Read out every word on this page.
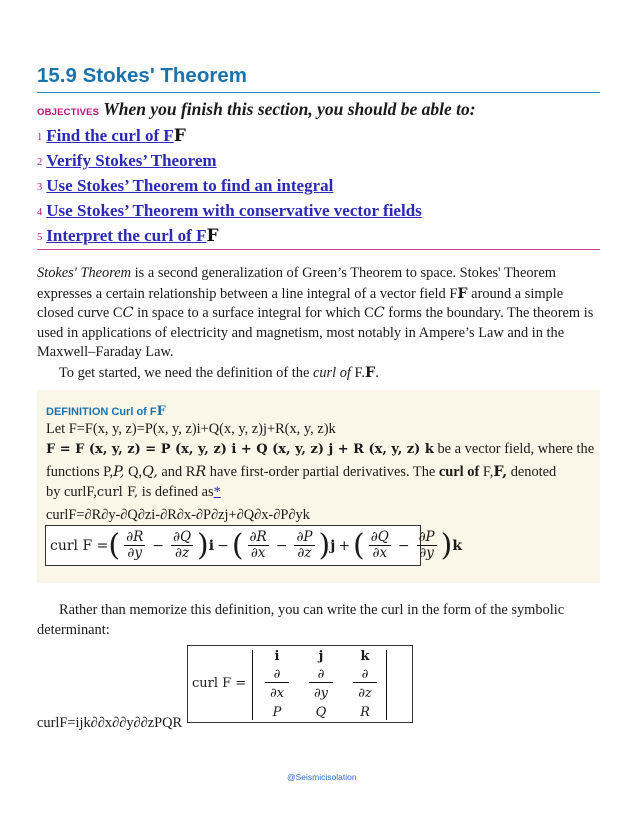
15.9 Stokes' Theorem
OBJECTIVES When you finish this section, you should be able to:
1 Find the curl of FF
2 Verify Stokes’ Theorem
3 Use Stokes’ Theorem to find an integral
4 Use Stokes’ Theorem with conservative vector fields
5 Interpret the curl of FF

Stokes' Theorem is a second generalization of Green’s Theorem to space. Stokes' Theorem expresses a certain relationship between a line integral of a vector field FF around a simple closed curve CC in space to a surface integral for which CC forms the boundary. The theorem is used in applications of electricity and magnetism, most notably in Ampere’s Law and in the Maxwell–Faraday Law.

To get started, we need the definition of the curl of F.F.

DEFINITION Curl of FF
Let F=F(x, y, z)=P(x, y, z)i+Q(x, y, z)j+R(x, y, z)k
F = F (x, y, z) = P (x, y, z) i + Q (x, y, z) j + R (x, y, z) k be a vector field, where the
functions P,P, Q,Q, and RR have first-order partial derivatives. The curl of F,F, denoted
by curlF,curl F, is defined as*
curlF=∂R∂y-∂Q∂zi-∂R∂x-∂P∂zj+∂Q∂x-∂P∂yk
curl F = ( $\frac{\partial R}{\partial y} - \frac{\partial Q}{\partial z}$ ) i − ( $\frac{\partial R}{\partial x} - \frac{\partial P}{\partial z}$ ) j + ( $\frac{\partial Q}{\partial x} - \frac{\partial P}{\partial y}$ ) k
Rather than memorize this definition, you can write the curl in the form of the symbolic determinant:
curlF=ijk∂∂x∂∂y∂∂zPQR
curl F =
i	j	k
∂	∂	∂
∂x	∂y	∂z
P	Q	R
@Seismicisolation
